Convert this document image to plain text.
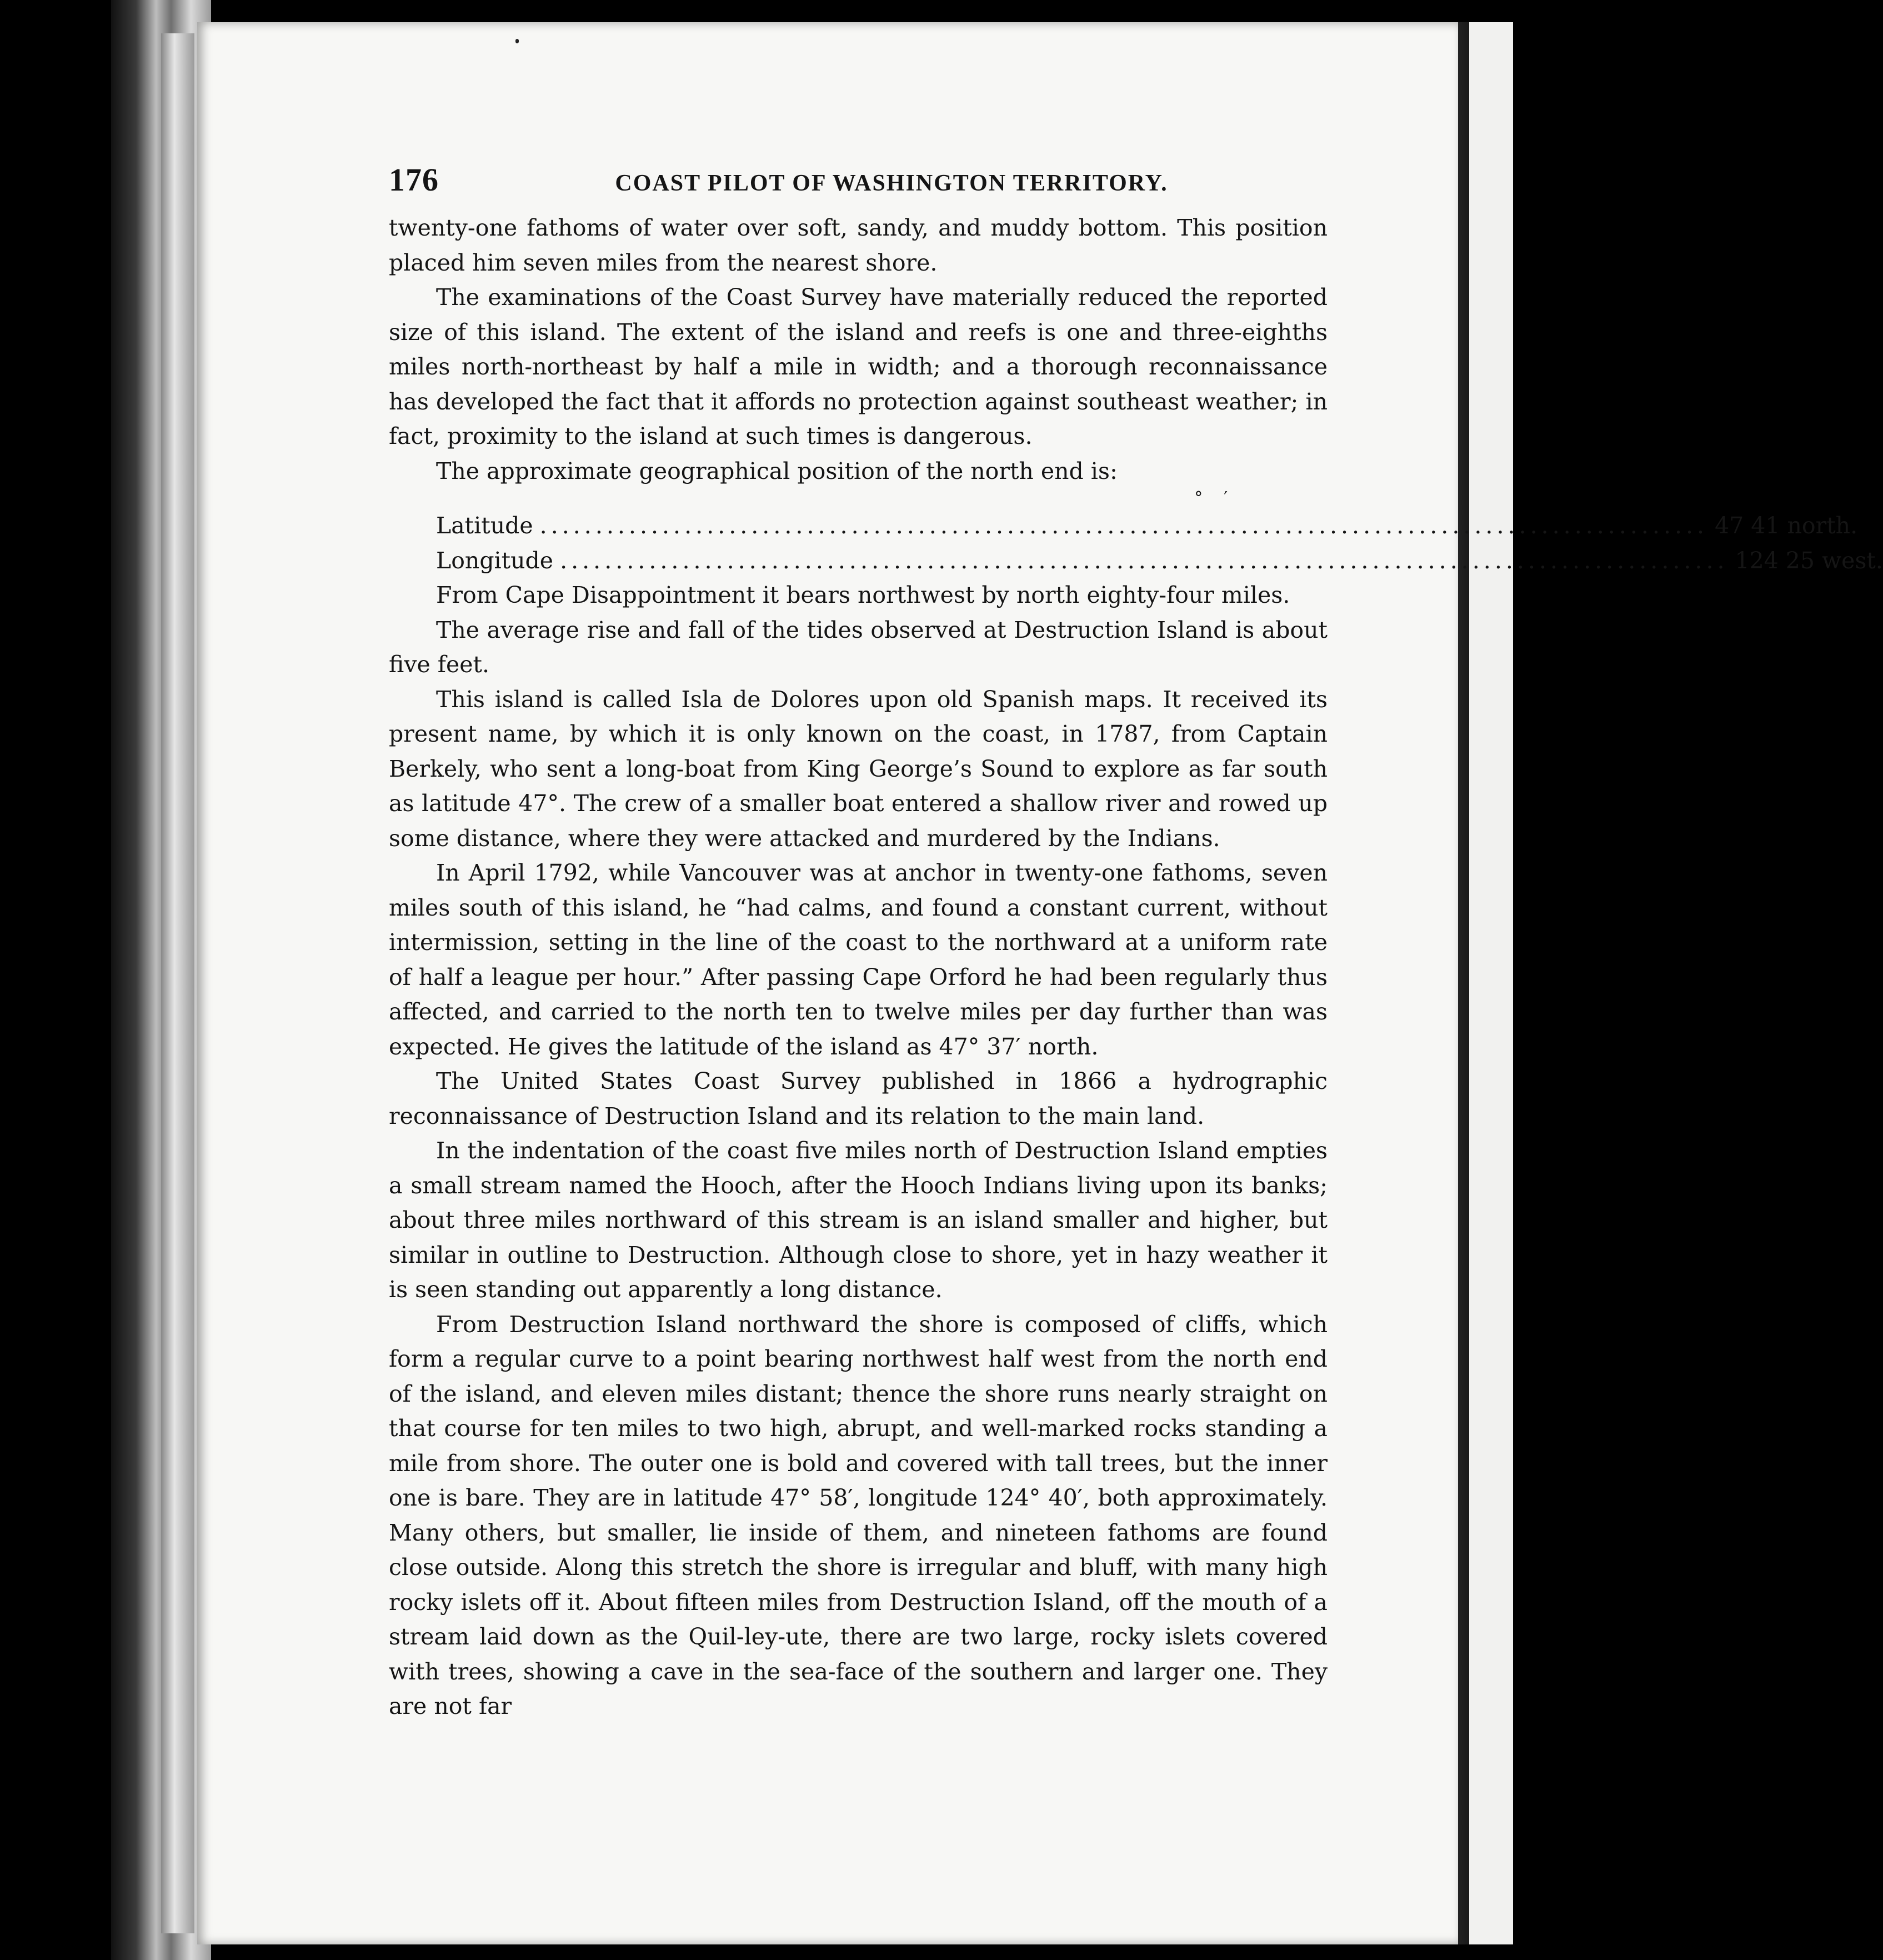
176	COAST PILOT OF WASHINGTON TERRITORY.

twenty-one fathoms of water over soft, sandy, and muddy bottom. This position placed him seven miles from the nearest shore.

The examinations of the Coast Survey have materially reduced the reported size of this island. The extent of the island and reefs is one and three-eighths miles north-northeast by half a mile in width; and a thorough reconnaissance has developed the fact that it affords no protection against southeast weather; in fact, proximity to the island at such times is dangerous.

The approximate geographical position of the north end is:

° ′
Latitude ......................................................................................................... 47 41 north.
Longitude ......................................................................................................... 124 25 west.

From Cape Disappointment it bears northwest by north eighty-four miles.

The average rise and fall of the tides observed at Destruction Island is about five feet.

This island is called Isla de Dolores upon old Spanish maps. It received its present name, by which it is only known on the coast, in 1787, from Captain Berkely, who sent a long-boat from King George’s Sound to explore as far south as latitude 47°. The crew of a smaller boat entered a shallow river and rowed up some distance, where they were attacked and murdered by the Indians.

In April 1792, while Vancouver was at anchor in twenty-one fathoms, seven miles south of this island, he “had calms, and found a constant current, without intermission, setting in the line of the coast to the northward at a uniform rate of half a league per hour.” After passing Cape Orford he had been regularly thus affected, and carried to the north ten to twelve miles per day further than was expected. He gives the latitude of the island as 47° 37′ north.

The United States Coast Survey published in 1866 a hydrographic reconnaissance of Destruction Island and its relation to the main land.

In the indentation of the coast five miles north of Destruction Island empties a small stream named the Hooch, after the Hooch Indians living upon its banks; about three miles northward of this stream is an island smaller and higher, but similar in outline to Destruction. Although close to shore, yet in hazy weather it is seen standing out apparently a long distance.

From Destruction Island northward the shore is composed of cliffs, which form a regular curve to a point bearing northwest half west from the north end of the island, and eleven miles distant; thence the shore runs nearly straight on that course for ten miles to two high, abrupt, and well-marked rocks standing a mile from shore. The outer one is bold and covered with tall trees, but the inner one is bare. They are in latitude 47° 58′, longitude 124° 40′, both approximately. Many others, but smaller, lie inside of them, and nineteen fathoms are found close outside. Along this stretch the shore is irregular and bluff, with many high rocky islets off it. About fifteen miles from Destruction Island, off the mouth of a stream laid down as the Quil-ley-ute, there are two large, rocky islets covered with trees, showing a cave in the sea-face of the southern and larger one. They are not far
